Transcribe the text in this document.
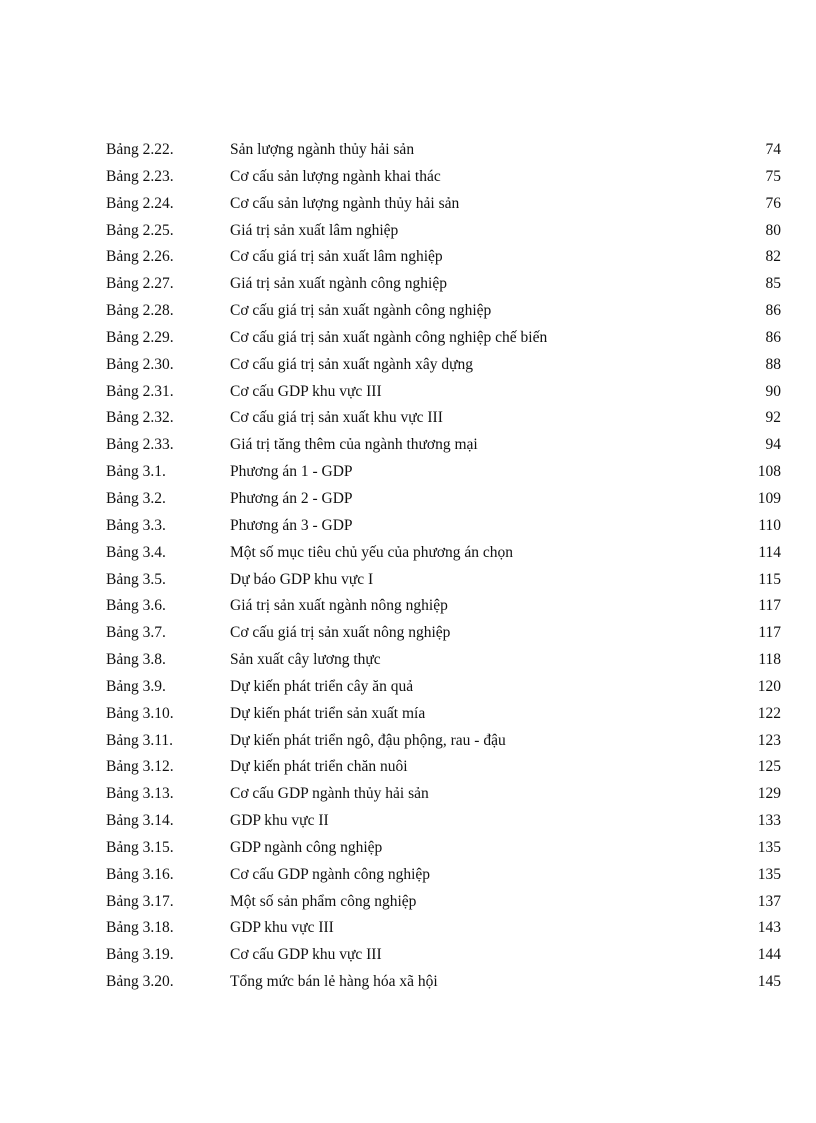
Bảng 2.22.	Sản lượng ngành thủy hải sản	74
Bảng 2.23.	Cơ cấu sản lượng ngành khai thác	75
Bảng 2.24.	Cơ cấu sản lượng ngành thủy hải sản	76
Bảng 2.25.	Giá trị sản xuất lâm nghiệp	80
Bảng 2.26.	Cơ cấu giá trị sản xuất lâm nghiệp	82
Bảng 2.27.	Giá trị sản xuất ngành công nghiệp	85
Bảng 2.28.	Cơ cấu giá trị sản xuất ngành công nghiệp	86
Bảng 2.29.	Cơ cấu giá trị sản xuất ngành công nghiệp chế biến	86
Bảng 2.30.	Cơ cấu giá trị sản xuất ngành xây dựng	88
Bảng 2.31.	Cơ cấu GDP khu vực III	90
Bảng 2.32.	Cơ cấu giá trị sản xuất khu vực III	92
Bảng 2.33.	Giá trị tăng thêm của ngành thương mại	94
Bảng 3.1.	Phương án 1 - GDP	108
Bảng 3.2.	Phương án 2 - GDP	109
Bảng 3.3.	Phương án 3 - GDP	110
Bảng 3.4.	Một số mục tiêu chủ yếu của phương án chọn	114
Bảng 3.5.	Dự báo GDP khu vực I	115
Bảng 3.6.	Giá trị sản xuất ngành nông nghiệp	117
Bảng 3.7.	Cơ cấu giá trị sản xuất nông nghiệp	117
Bảng 3.8.	Sản xuất cây lương thực	118
Bảng 3.9.	Dự kiến phát triển cây ăn quả	120
Bảng 3.10.	Dự kiến phát triển sản xuất mía	122
Bảng 3.11.	Dự kiến phát triển ngô, đậu phộng, rau - đậu	123
Bảng 3.12.	Dự kiến phát triển chăn nuôi	125
Bảng 3.13.	Cơ cấu GDP ngành thủy hải sản	129
Bảng 3.14.	GDP khu vực II	133
Bảng 3.15.	GDP ngành công nghiệp	135
Bảng 3.16.	Cơ cấu GDP ngành công nghiệp	135
Bảng 3.17.	Một số sản phẩm công nghiệp	137
Bảng 3.18.	GDP khu vực III	143
Bảng 3.19.	Cơ cấu GDP khu vực III	144
Bảng 3.20.	Tổng mức bán lẻ hàng hóa xã hội	145
